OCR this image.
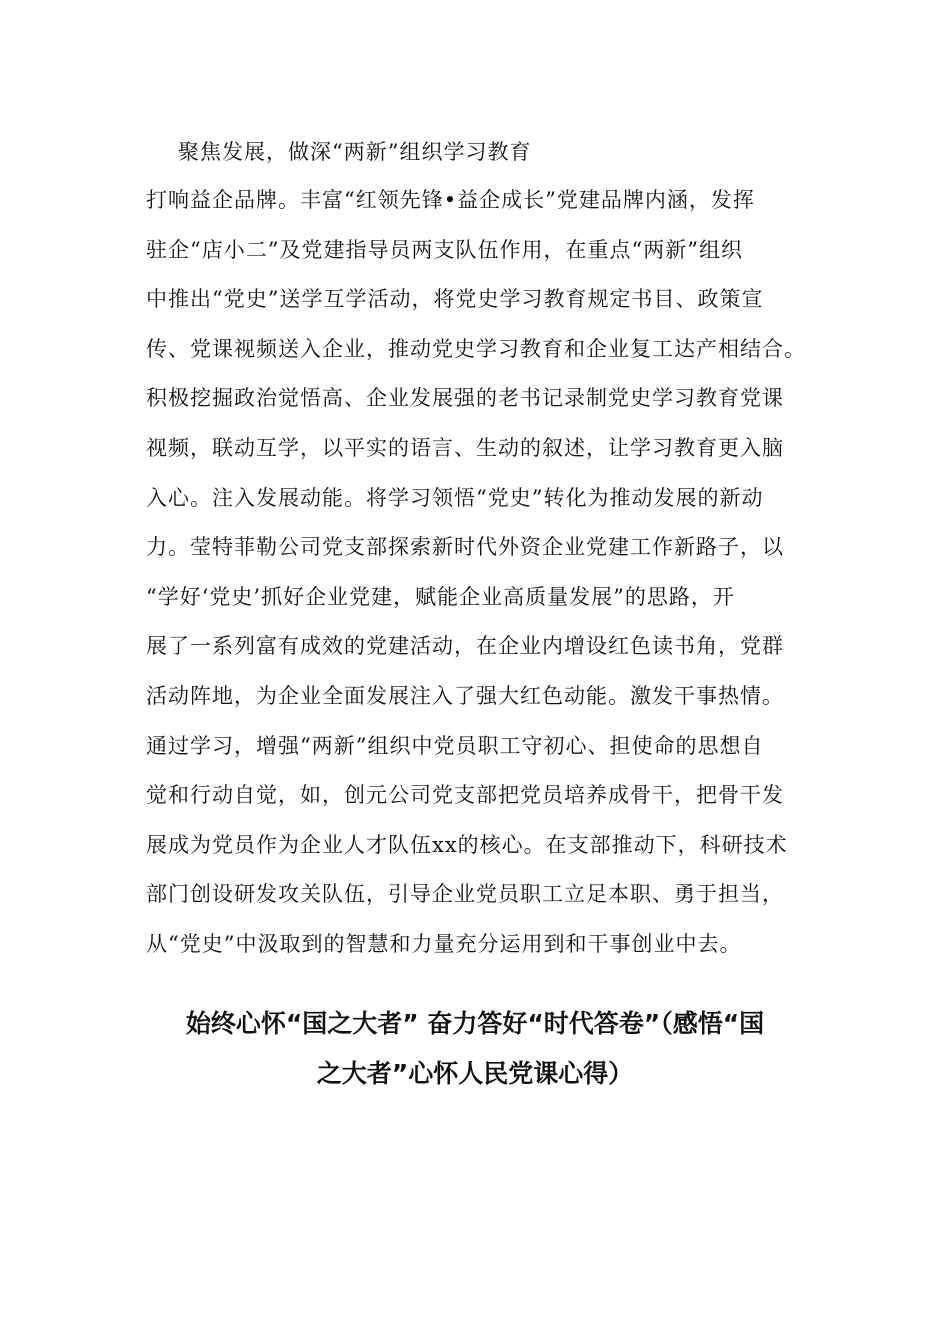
聚焦发展，做深“两新”组织学习教育
打响益企品牌。丰富“红领先锋•益企成长”党建品牌内涵，发挥
驻企“店小二”及党建指导员两支队伍作用，在重点“两新”组织
中推出“党史”送学互学活动，将党史学习教育规定书目、政策宣
传、党课视频送入企业，推动党史学习教育和企业复工达产相结合。
积极挖掘政治觉悟高、企业发展强的老书记录制党史学习教育党课
视频，联动互学，以平实的语言、生动的叙述，让学习教育更入脑
入心。注入发展动能。将学习领悟“党史”转化为推动发展的新动
力。莹特菲勒公司党支部探索新时代外资企业党建工作新路子，以
“学好‘党史’抓好企业党建，赋能企业高质量发展”的思路，开
展了一系列富有成效的党建活动，在企业内增设红色读书角，党群
活动阵地，为企业全面发展注入了强大红色动能。激发干事热情。
通过学习，增强“两新”组织中党员职工守初心、担使命的思想自
觉和行动自觉，如，创元公司党支部把党员培养成骨干，把骨干发
展成为党员作为企业人才队伍xx的核心。在支部推动下，科研技术
部门创设研发攻关队伍，引导企业党员职工立足本职、勇于担当，
从“党史”中汲取到的智慧和力量充分运用到和干事创业中去。
始终心怀“国之大者” 奋力答好“时代答卷”（感悟“国
之大者”心怀人民党课心得）
